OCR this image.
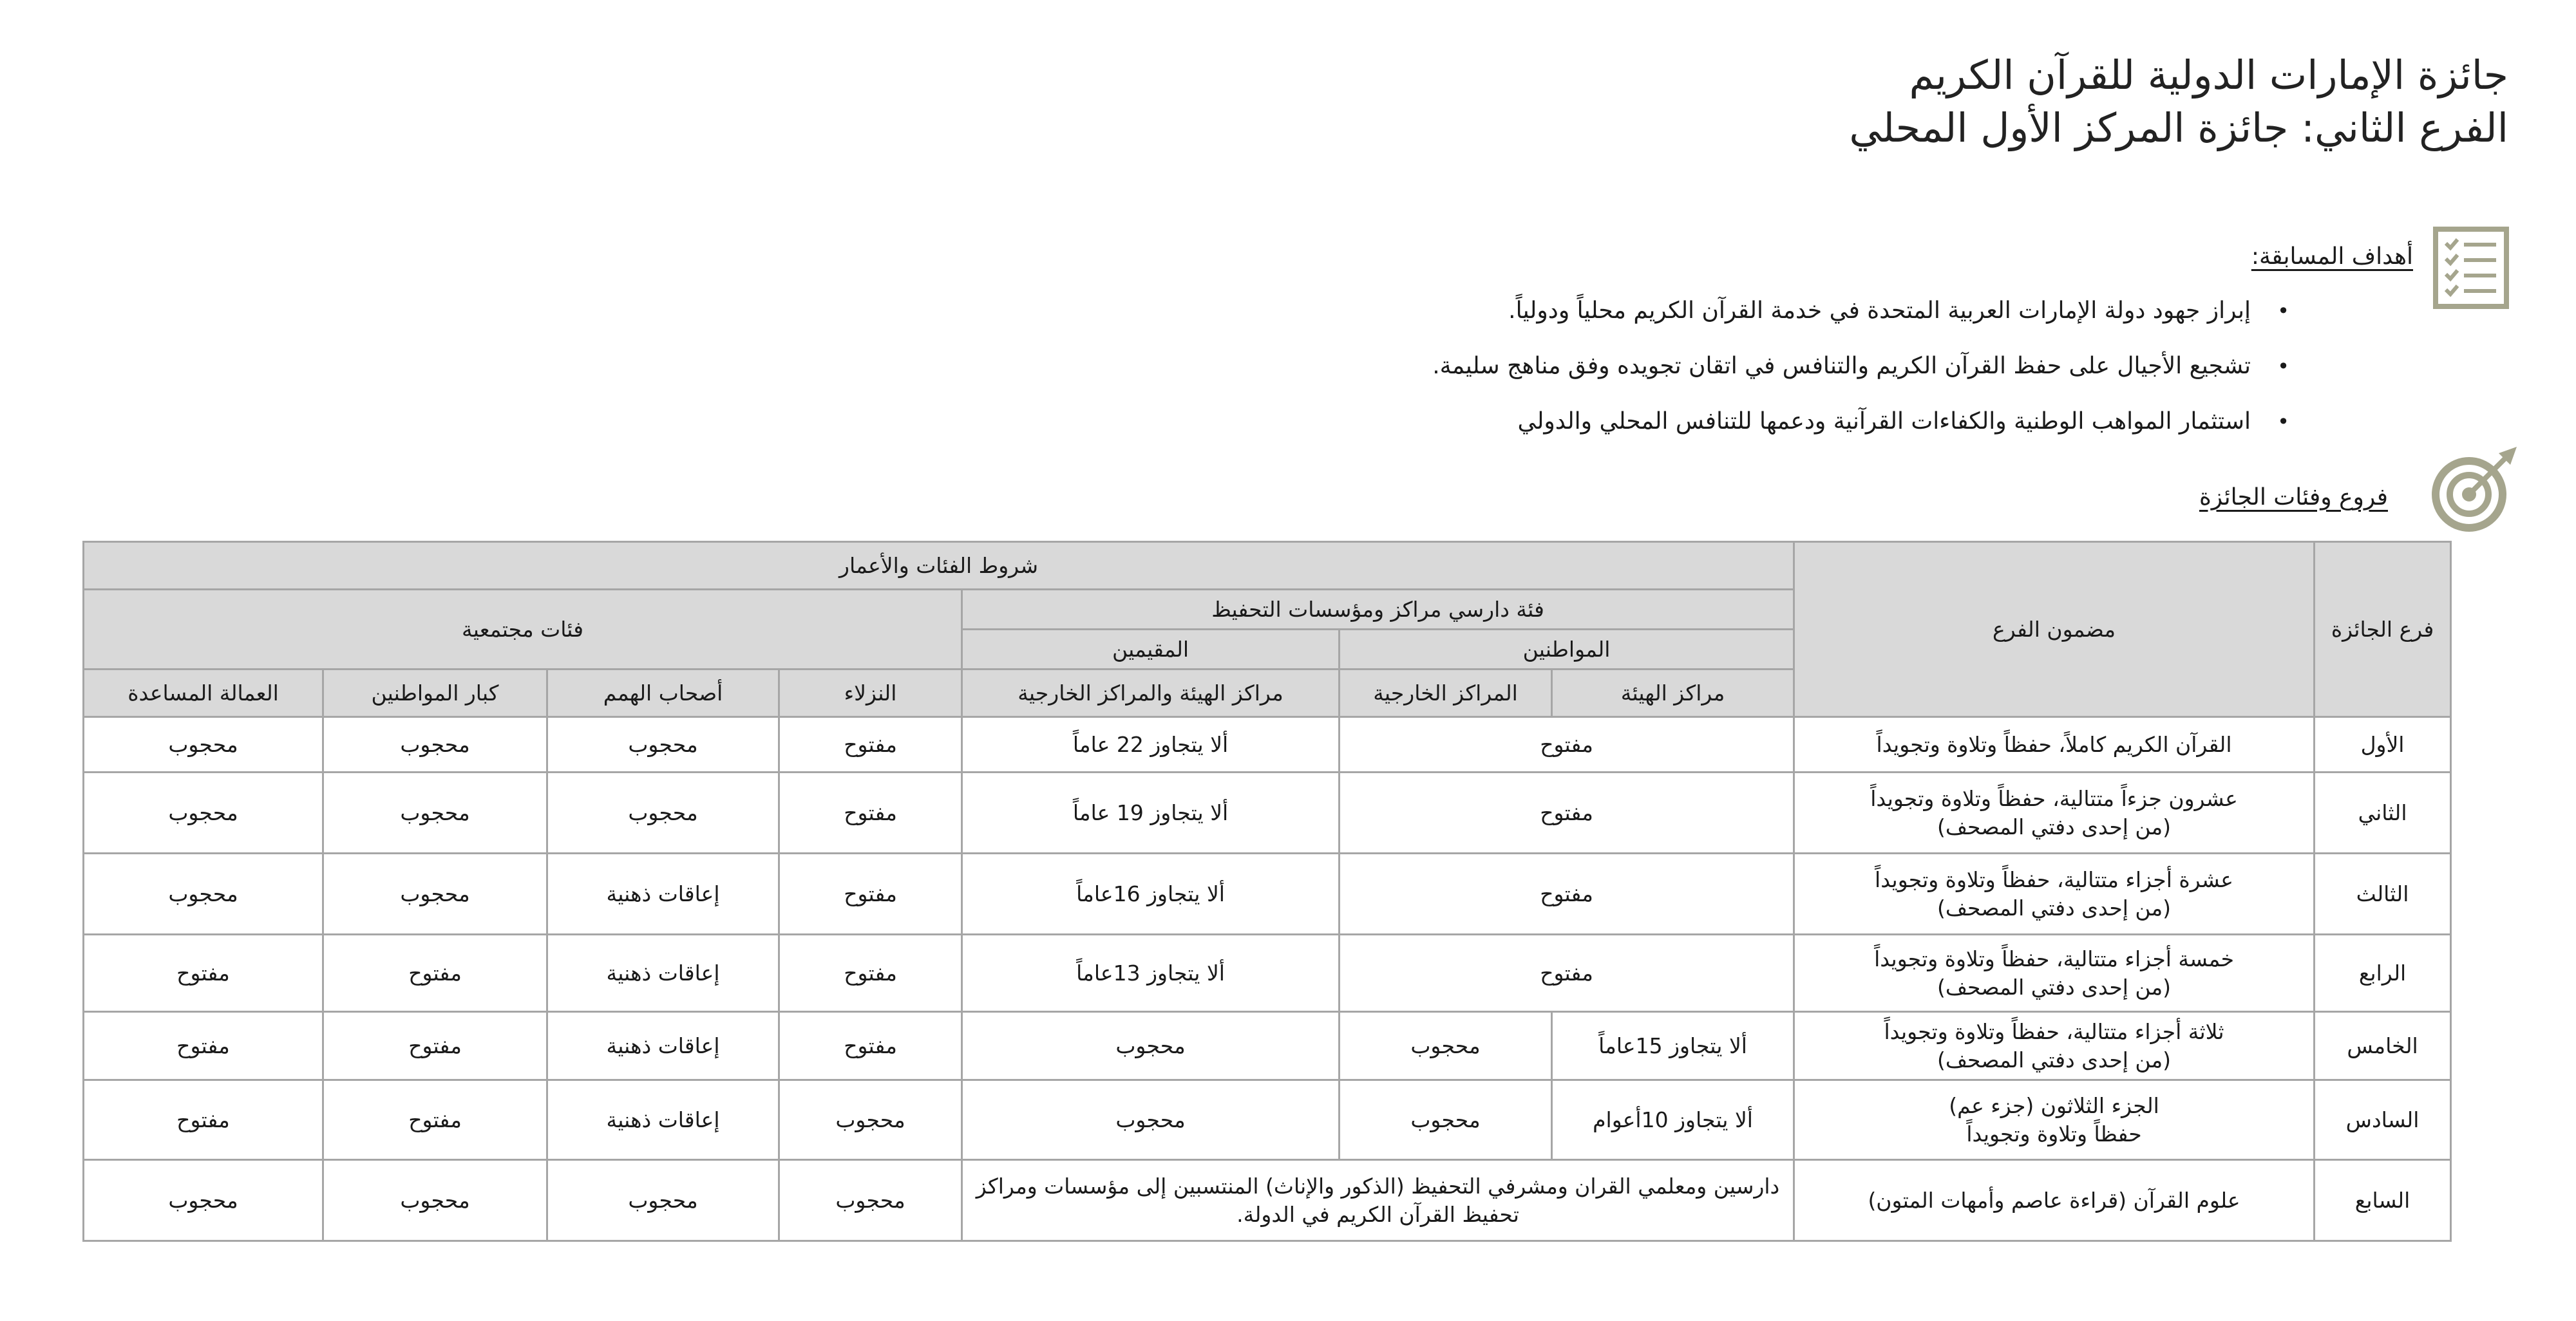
جائزة الإمارات الدولية للقرآن الكريم
الفرع الثاني: جائزة المركز الأول المحلي
أهداف المسابقة:
•
إبراز جهود دولة الإمارات العربية المتحدة في خدمة القرآن الكريم محلياً ودولياً.
•
تشجيع الأجيال على حفظ القرآن الكريم والتنافس في اتقان تجويده وفق مناهج سليمة.
•
استثمار المواهب الوطنية والكفاءات القرآنية ودعمها للتنافس المحلي والدولي
فروع وفئات الجائزة
فرع الجائزة	مضمون الفرع	شروط الفئات والأعمار						
		فئة دارسي مراكز ومؤسسات التحفيظ			فئات مجتمعية			
		المواطنين		المقيمين				
		مراكز الهيئة	المراكز الخارجية	مراكز الهيئة والمراكز الخارجية	النزلاء	أصحاب الهمم	كبار المواطنين	العمالة المساعدة
الأول	القرآن الكريم كاملاً، حفظاً وتلاوة وتجويداً	مفتوح		ألا يتجاوز 22 عاماً	مفتوح	محجوب	محجوب	محجوب
الثاني	عشرون جزءاً متتالية، حفظاً وتلاوة وتجويداً
(من إحدى دفتي المصحف)	مفتوح		ألا يتجاوز 19 عاماً	مفتوح	محجوب	محجوب	محجوب
الثالث	عشرة أجزاء متتالية، حفظاً وتلاوة وتجويداً
(من إحدى دفتي المصحف)	مفتوح		ألا يتجاوز 16عاماً	مفتوح	إعاقات ذهنية	محجوب	محجوب
الرابع	خمسة أجزاء متتالية، حفظاً وتلاوة وتجويداً
(من إحدى دفتي المصحف)	مفتوح		ألا يتجاوز 13عاماً	مفتوح	إعاقات ذهنية	مفتوح	مفتوح
الخامس	ثلاثة أجزاء متتالية، حفظاً وتلاوة وتجويداً
(من إحدى دفتي المصحف)	ألا يتجاوز 15عاماً	محجوب	محجوب	مفتوح	إعاقات ذهنية	مفتوح	مفتوح
السادس	الجزء الثلاثون (جزء عم)
حفظاً وتلاوة وتجويداً	ألا يتجاوز 10أعوام	محجوب	محجوب	محجوب	إعاقات ذهنية	مفتوح	مفتوح
السابع	علوم القرآن (قراءة عاصم وأمهات المتون)	دارسين ومعلمي القران ومشرفي التحفيظ (الذكور والإناث) المنتسبين إلى مؤسسات ومراكز
تحفيظ القرآن الكريم في الدولة.			محجوب	محجوب	محجوب	محجوب
